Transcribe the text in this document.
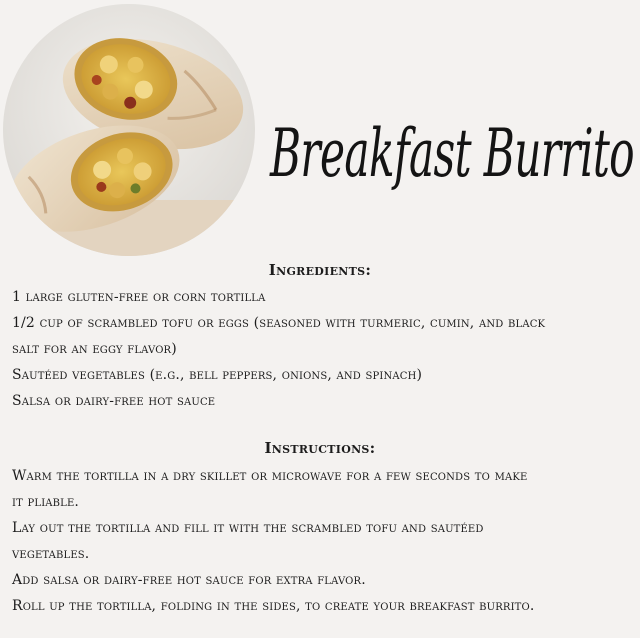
Breakfast Burrito
Ingredients:
1 large gluten-free or corn tortilla
1/2 cup of scrambled tofu or eggs (seasoned with turmeric, cumin, and black
salt for an eggy flavor)
Sautéed vegetables (e.g., bell peppers, onions, and spinach)
Salsa or dairy-free hot sauce
Instructions:
Warm the tortilla in a dry skillet or microwave for a few seconds to make
it pliable.
Lay out the tortilla and fill it with the scrambled tofu and sautéed
vegetables.
Add salsa or dairy-free hot sauce for extra flavor.
Roll up the tortilla, folding in the sides, to create your breakfast burrito.
